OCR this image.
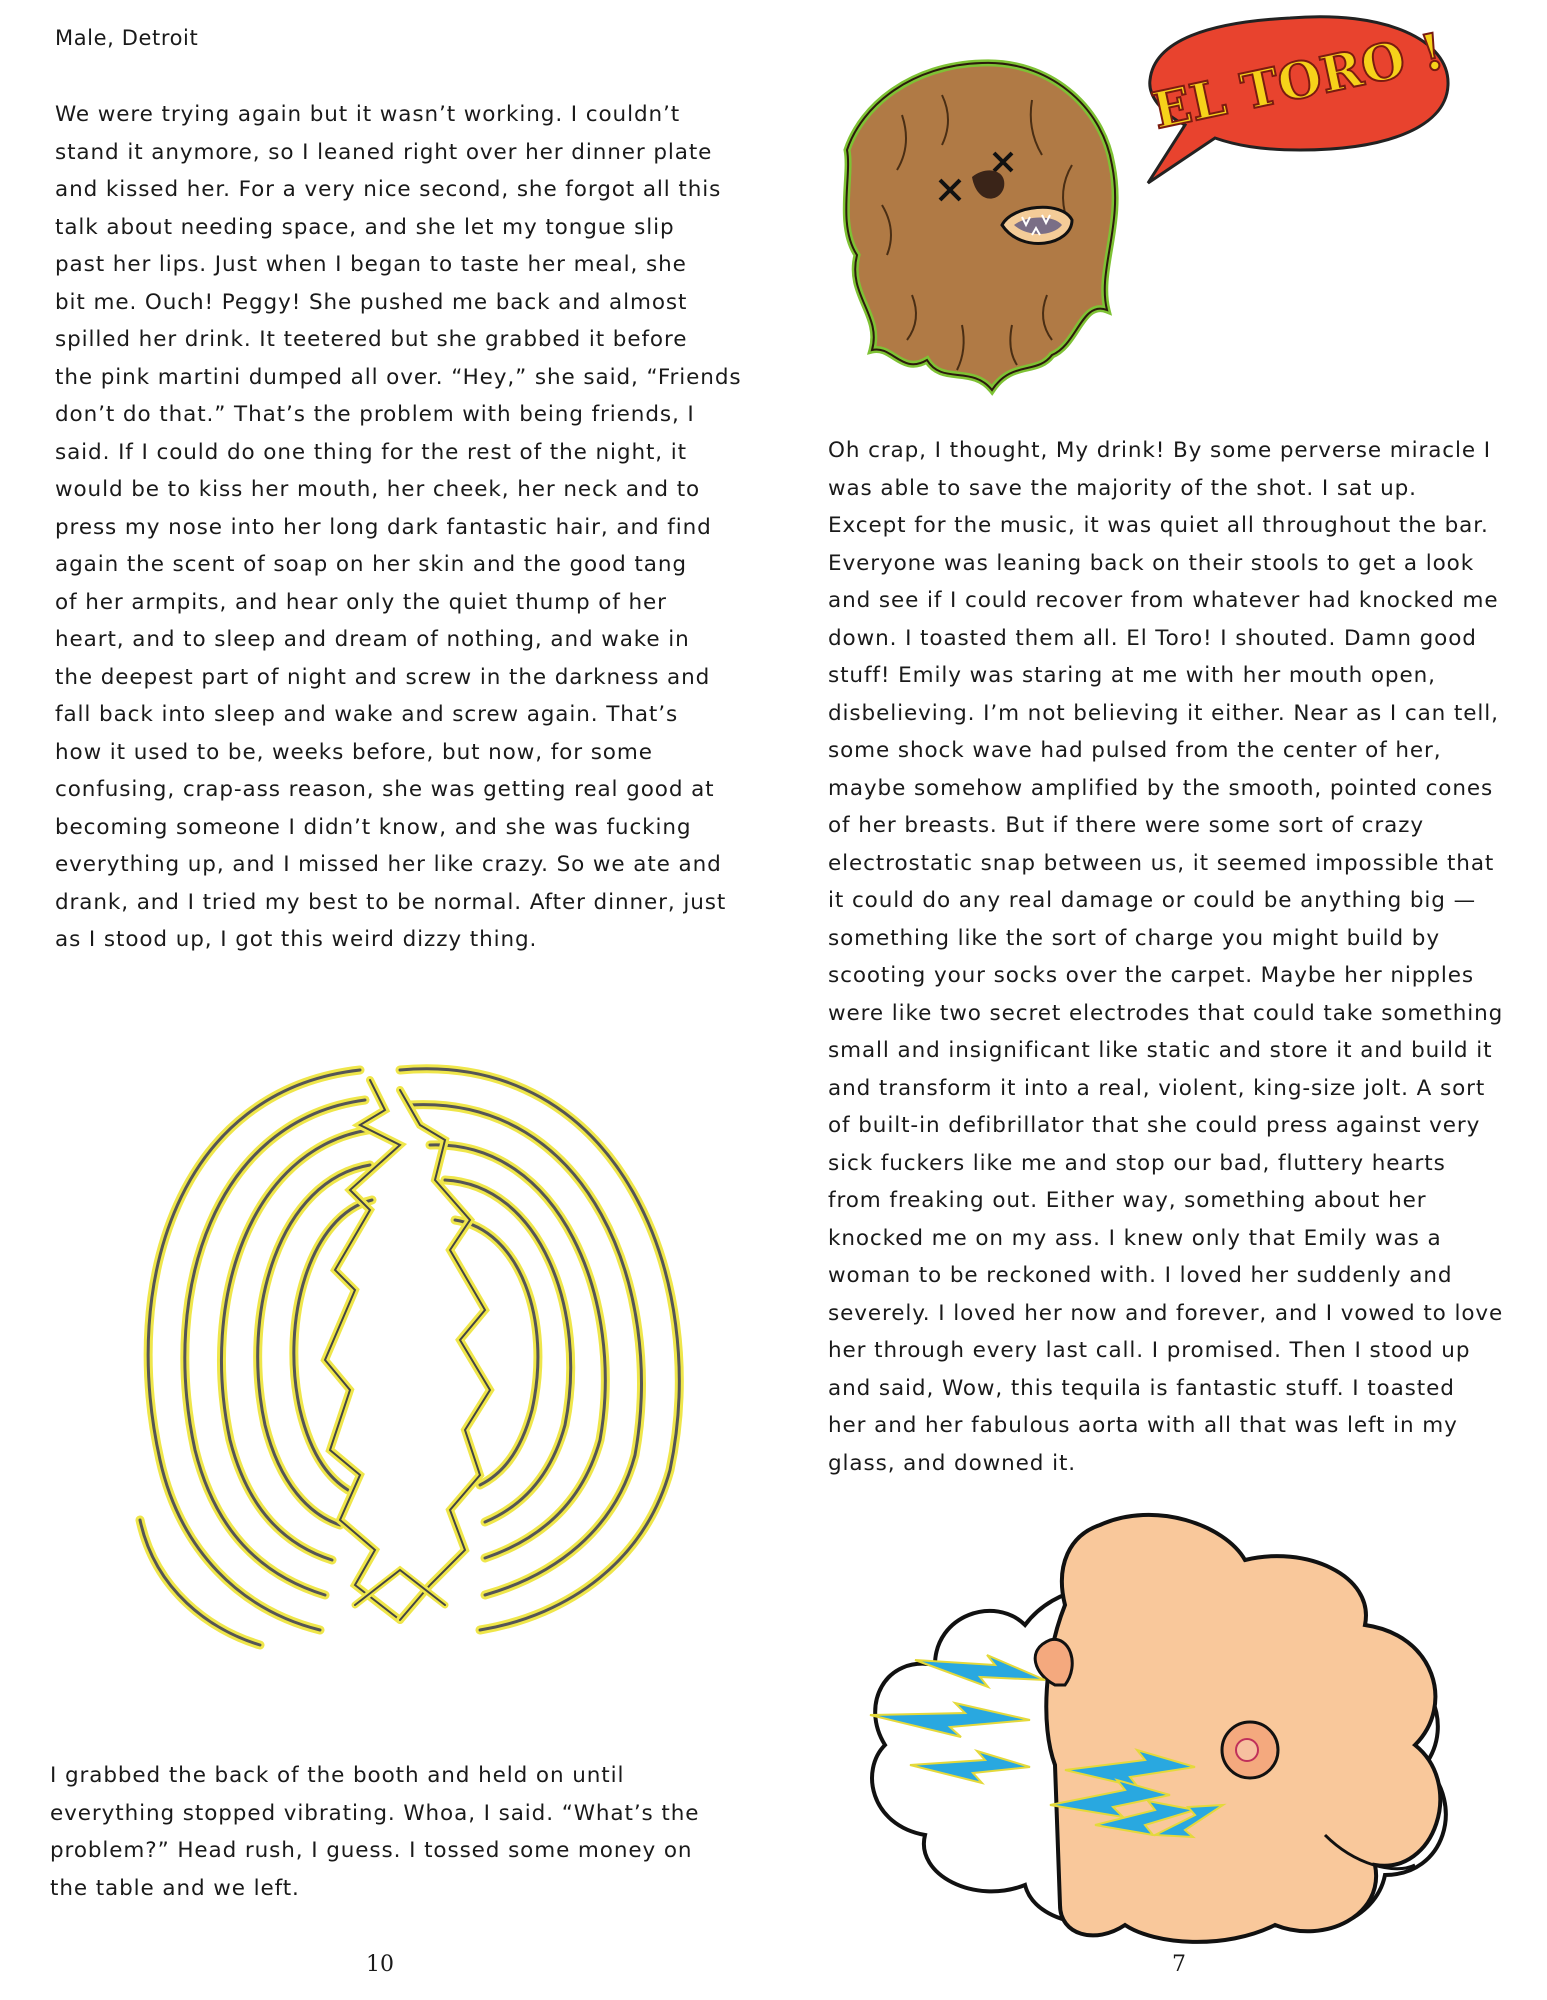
Male, Detroit

We were trying again but it wasn’t working. I couldn’t
stand it anymore, so I leaned right over her dinner plate
and kissed her. For a very nice second, she forgot all this
talk about needing space, and she let my tongue slip
past her lips. Just when I began to taste her meal, she
bit me. Ouch! Peggy! She pushed me back and almost
spilled her drink. It teetered but she grabbed it before
the pink martini dumped all over. “Hey,” she said, “Friends
don’t do that.” That’s the problem with being friends, I
said. If I could do one thing for the rest of the night, it
would be to kiss her mouth, her cheek, her neck and to
press my nose into her long dark fantastic hair, and find
again the scent of soap on her skin and the good tang
of her armpits, and hear only the quiet thump of her
heart, and to sleep and dream of nothing, and wake in
the deepest part of night and screw in the darkness and
fall back into sleep and wake and screw again. That’s
how it used to be, weeks before, but now, for some
confusing, crap-ass reason, she was getting real good at
becoming someone I didn’t know, and she was fucking
everything up, and I missed her like crazy. So we ate and
drank, and I tried my best to be normal. After dinner, just
as I stood up, I got this weird dizzy thing.

I grabbed the back of the booth and held on until
everything stopped vibrating. Whoa, I said. “What’s the
problem?” Head rush, I guess. I tossed some money on
the table and we left.

10
EL TORO !

Oh crap, I thought, My drink! By some perverse miracle I
was able to save the majority of the shot. I sat up.
Except for the music, it was quiet all throughout the bar.
Everyone was leaning back on their stools to get a look
and see if I could recover from whatever had knocked me
down. I toasted them all. El Toro! I shouted. Damn good
stuff! Emily was staring at me with her mouth open,
disbelieving. I’m not believing it either. Near as I can tell,
some shock wave had pulsed from the center of her,
maybe somehow amplified by the smooth, pointed cones
of her breasts. But if there were some sort of crazy
electrostatic snap between us, it seemed impossible that
it could do any real damage or could be anything big —
something like the sort of charge you might build by
scooting your socks over the carpet. Maybe her nipples
were like two secret electrodes that could take something
small and insignificant like static and store it and build it
and transform it into a real, violent, king-size jolt. A sort
of built-in defibrillator that she could press against very
sick fuckers like me and stop our bad, fluttery hearts
from freaking out. Either way, something about her
knocked me on my ass. I knew only that Emily was a
woman to be reckoned with. I loved her suddenly and
severely. I loved her now and forever, and I vowed to love
her through every last call. I promised. Then I stood up
and said, Wow, this tequila is fantastic stuff. I toasted
her and her fabulous aorta with all that was left in my
glass, and downed it.

7
